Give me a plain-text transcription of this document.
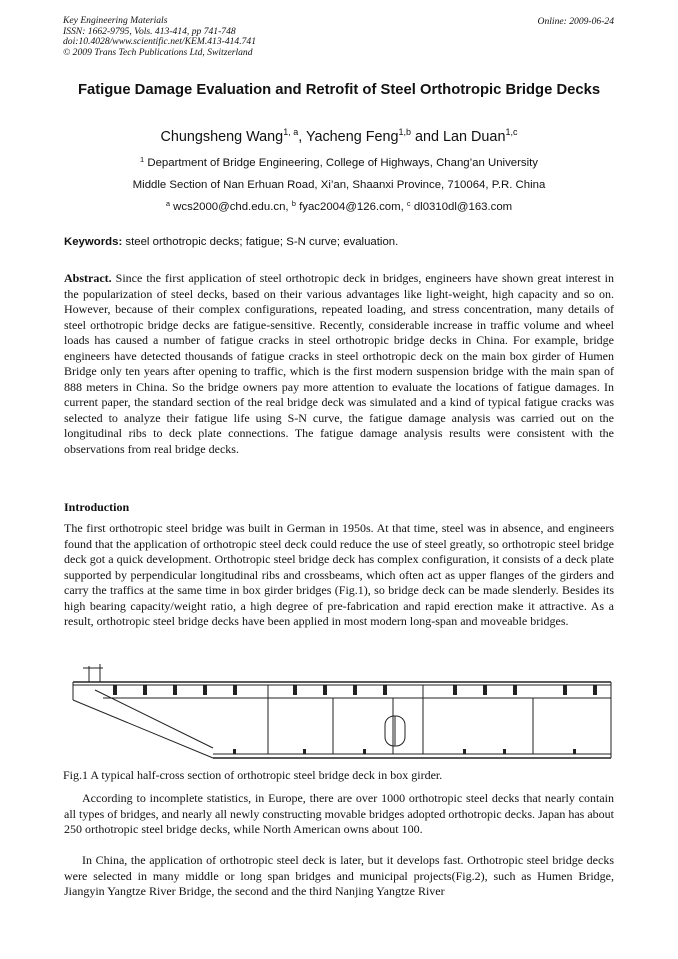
Key Engineering Materials
ISSN: 1662-9795, Vols. 413-414, pp 741-748
doi:10.4028/www.scientific.net/KEM.413-414.741
© 2009 Trans Tech Publications Ltd, Switzerland
Online: 2009-06-24
Fatigue Damage Evaluation and Retrofit of Steel Orthotropic Bridge Decks
Chungsheng Wang$^{1, a}$, Yacheng Feng$^{1,b}$ and Lan Duan$^{1,c}$
$^1$ Department of Bridge Engineering, College of Highways, Chang’an University
Middle Section of Nan Erhuan Road, Xi’an, Shaanxi Province, 710064, P.R. China
$^a$ wcs2000@chd.edu.cn, $^b$ fyac2004@126.com, $^c$ dl0310dl@163.com
Keywords: steel orthotropic decks; fatigue; S-N curve; evaluation.
Abstract. Since the first application of steel orthotropic deck in bridges, engineers have shown great interest in the popularization of steel decks, based on their various advantages like light-weight, high capacity and so on. However, because of their complex configurations, repeated loading, and stress concentration, many details of steel orthotropic bridge decks are fatigue-sensitive. Recently, considerable increase in traffic volume and wheel loads has caused a number of fatigue cracks in steel orthotropic bridge decks in China. For example, bridge engineers have detected thousands of fatigue cracks in steel orthotropic deck on the main box girder of Humen Bridge only ten years after opening to traffic, which is the first modern suspension bridge with the main span of 888 meters in China. So the bridge owners pay more attention to evaluate the locations of fatigue damages. In current paper, the standard section of the real bridge deck was simulated and a kind of typical fatigue cracks was selected to analyze their fatigue life using S-N curve, the fatigue damage analysis was carried out on the longitudinal ribs to deck plate connections. The fatigue damage analysis results were consistent with the observations from real bridge decks.
Introduction
The first orthotropic steel bridge was built in German in 1950s. At that time, steel was in absence, and engineers found that the application of orthotropic steel deck could reduce the use of steel greatly, so orthotropic steel bridge deck got a quick development. Orthotropic steel bridge deck has complex configuration, it consists of a deck plate supported by perpendicular longitudinal ribs and crossbeams, which often act as upper flanges of the girders and carry the traffics at the same time in box girder bridges (Fig.1), so bridge deck can be made slenderly. Besides its high bearing capacity/weight ratio, a high degree of pre-fabrication and rapid erection make it attractive. As a result, orthotropic steel bridge decks have been applied in most modern long-span and moveable bridges.
Fig.1 A typical half-cross section of orthotropic steel bridge deck in box girder.
According to incomplete statistics, in Europe, there are over 1000 orthotropic steel decks that nearly contain all types of bridges, and nearly all newly constructing movable bridges adopted orthotropic decks. Japan has about 250 orthotropic steel bridge decks, while North American owns about 100.
In China, the application of orthotropic steel deck is later, but it develops fast. Orthotropic steel bridge decks were selected in many middle or long span bridges and municipal projects(Fig.2), such as Humen Bridge, Jiangyin Yangtze River Bridge, the second and the third Nanjing Yangtze River
